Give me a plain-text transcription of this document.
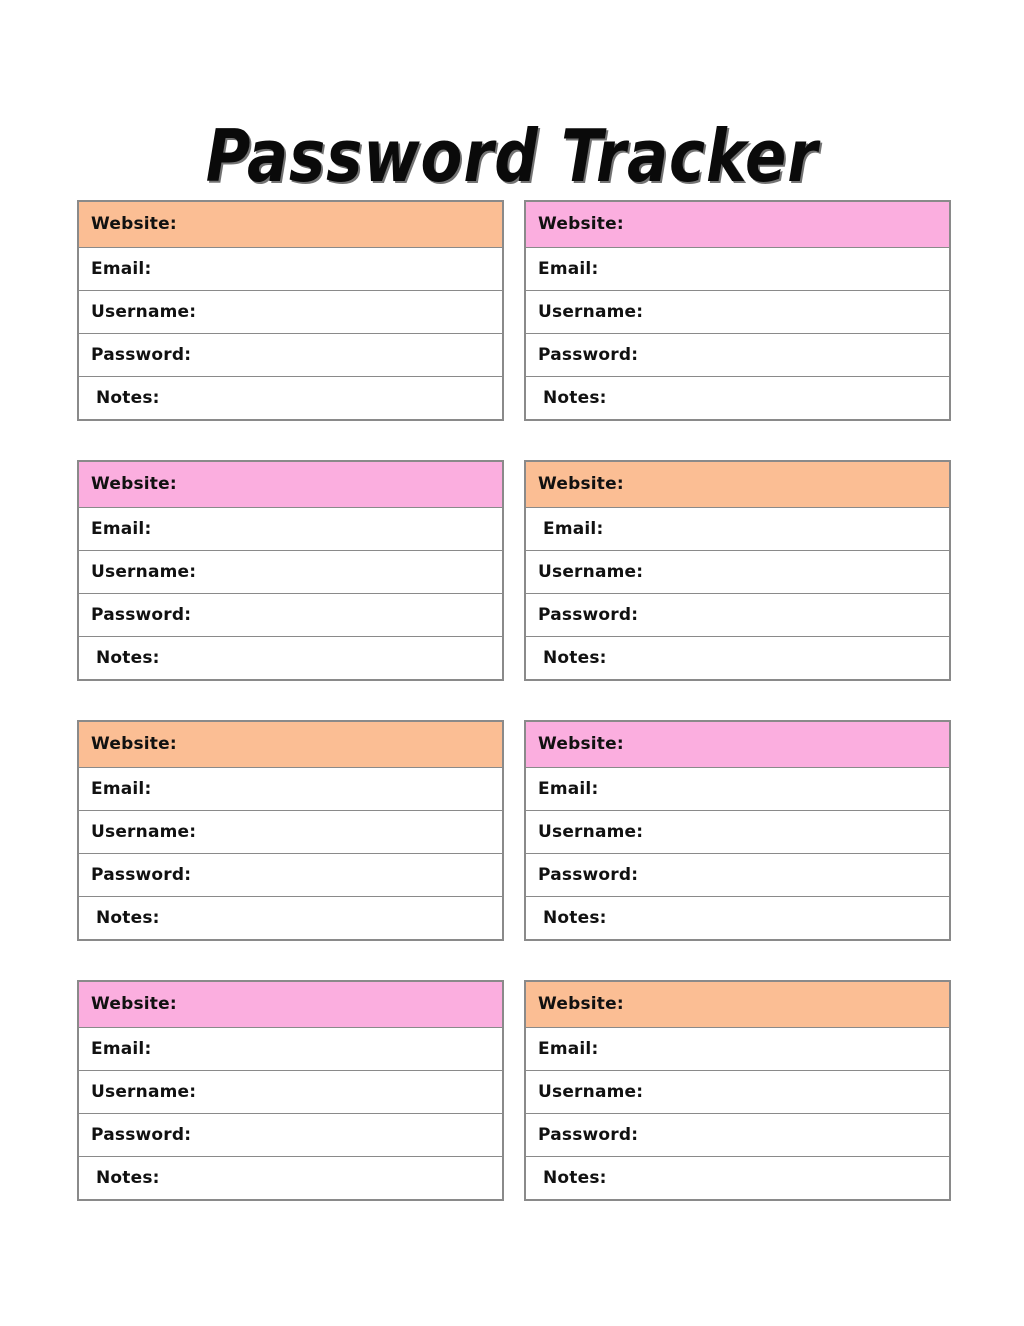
Password Tracker
Website:
Email:
Username:
Password:
Notes:
Website:
Email:
Username:
Password:
Notes:
Website:
Email:
Username:
Password:
Notes:
Website:
Email:
Username:
Password:
Notes:
Website:
Email:
Username:
Password:
Notes:
Website:
Email:
Username:
Password:
Notes:
Website:
Email:
Username:
Password:
Notes:
Website:
Email:
Username:
Password:
Notes:
